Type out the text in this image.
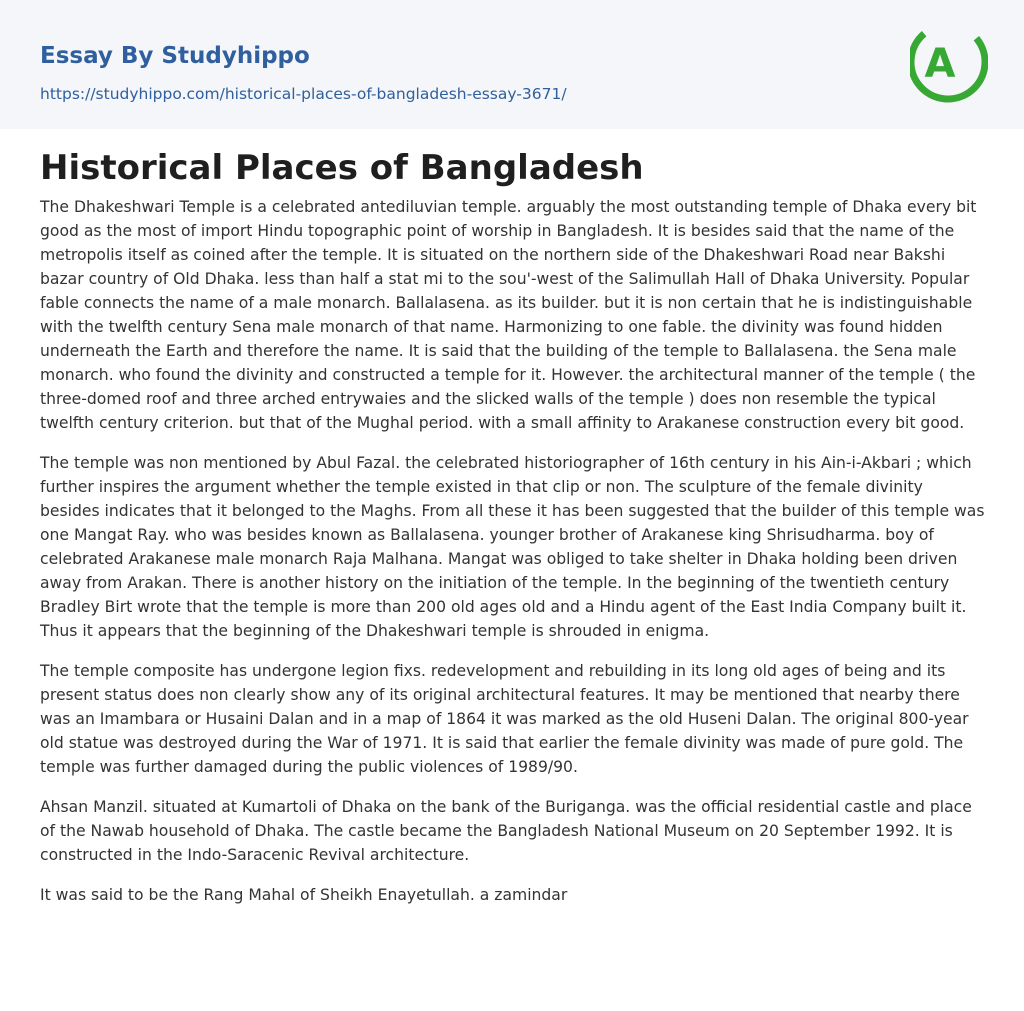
Essay By Studyhippo
https://studyhippo.com/historical-places-of-bangladesh-essay-3671/
A
Historical Places of Bangladesh

The Dhakeshwari Temple is a celebrated antediluvian temple. arguably the most outstanding temple of Dhaka every bit good as the most of import Hindu topographic point of worship in Bangladesh. It is besides said that the name of the metropolis itself as coined after the temple. It is situated on the northern side of the Dhakeshwari Road near Bakshi bazar country of Old Dhaka. less than half a stat mi to the sou'-west of the Salimullah Hall of Dhaka University. Popular fable connects the name of a male monarch. Ballalasena. as its builder. but it is non certain that he is indistinguishable with the twelfth century Sena male monarch of that name. Harmonizing to one fable. the divinity was found hidden underneath the Earth and therefore the name. It is said that the building of the temple to Ballalasena. the Sena male monarch. who found the divinity and constructed a temple for it. However. the architectural manner of the temple ( the three-domed roof and three arched entrywaies and the slicked walls of the temple ) does non resemble the typical twelfth century criterion. but that of the Mughal period. with a small affinity to Arakanese construction every bit good.

The temple was non mentioned by Abul Fazal. the celebrated historiographer of 16th century in his Ain-i-Akbari ; which further inspires the argument whether the temple existed in that clip or non. The sculpture of the female divinity besides indicates that it belonged to the Maghs. From all these it has been suggested that the builder of this temple was one Mangat Ray. who was besides known as Ballalasena. younger brother of Arakanese king Shrisudharma. boy of celebrated Arakanese male monarch Raja Malhana. Mangat was obliged to take shelter in Dhaka holding been driven away from Arakan. There is another history on the initiation of the temple. In the beginning of the twentieth century Bradley Birt wrote that the temple is more than 200 old ages old and a Hindu agent of the East India Company built it. Thus it appears that the beginning of the Dhakeshwari temple is shrouded in enigma.

The temple composite has undergone legion fixs. redevelopment and rebuilding in its long old ages of being and its present status does non clearly show any of its original architectural features. It may be mentioned that nearby there was an Imambara or Husaini Dalan and in a map of 1864 it was marked as the old Huseni Dalan. The original 800-year old statue was destroyed during the War of 1971. It is said that earlier the female divinity was made of pure gold. The temple was further damaged during the public violences of 1989/90.

Ahsan Manzil. situated at Kumartoli of Dhaka on the bank of the Buriganga. was the official residential castle and place of the Nawab household of Dhaka. The castle became the Bangladesh National Museum on 20 September 1992. It is constructed in the Indo-Saracenic Revival architecture.

It was said to be the Rang Mahal of Sheikh Enayetullah. a zamindar
